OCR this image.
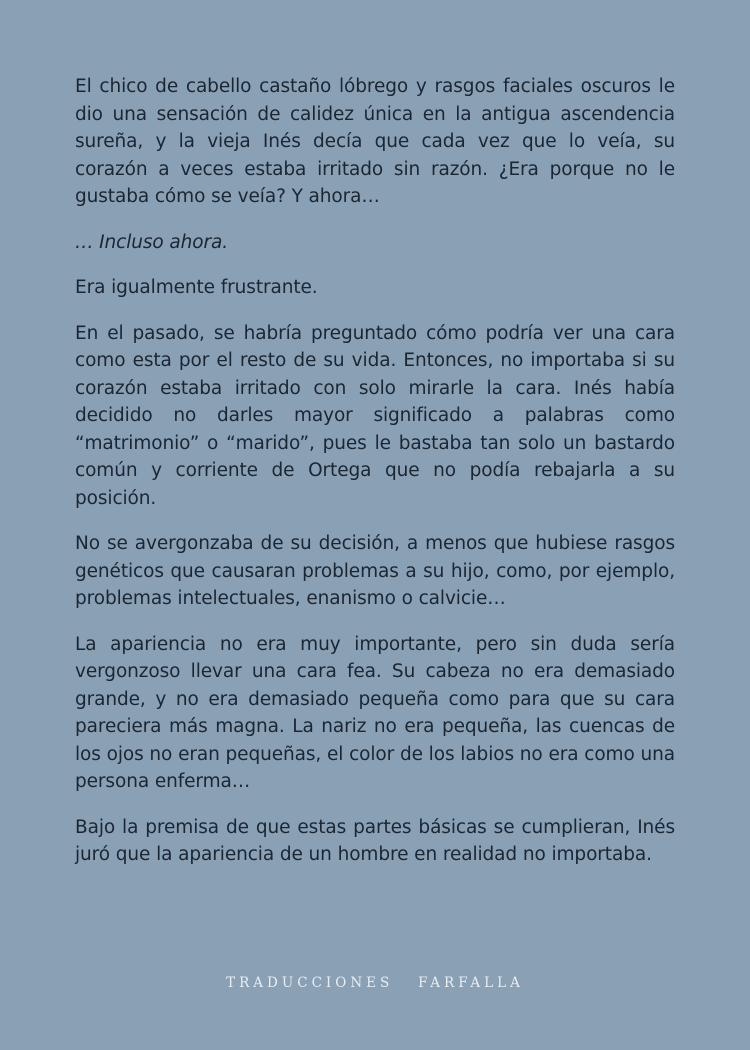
El chico de cabello castaño lóbrego y rasgos faciales oscuros le dio una sensación de calidez única en la antigua ascendencia sureña, y la vieja Inés decía que cada vez que lo veía, su corazón a veces estaba irritado sin razón. ¿Era porque no le gustaba cómo se veía? Y ahora…

… Incluso ahora.

Era igualmente frustrante.

En el pasado, se habría preguntado cómo podría ver una cara como esta por el resto de su vida. Entonces, no importaba si su corazón estaba irritado con solo mirarle la cara. Inés había decidido no darles mayor significado a palabras como “matrimonio” o “marido”, pues le bastaba tan solo un bastardo común y corriente de Ortega que no podía rebajarla a su posición.

No se avergonzaba de su decisión, a menos que hubiese rasgos genéticos que causaran problemas a su hijo, como, por ejemplo, problemas intelectuales, enanismo o calvicie…

La apariencia no era muy importante, pero sin duda sería vergonzoso llevar una cara fea. Su cabeza no era demasiado grande, y no era demasiado pequeña como para que su cara pareciera más magna. La nariz no era pequeña, las cuencas de los ojos no eran pequeñas, el color de los labios no era como una persona enferma…

Bajo la premisa de que estas partes básicas se cumplieran, Inés juró que la apariencia de un hombre en realidad no importaba.

TRADUCCIONES   FARFALLA
